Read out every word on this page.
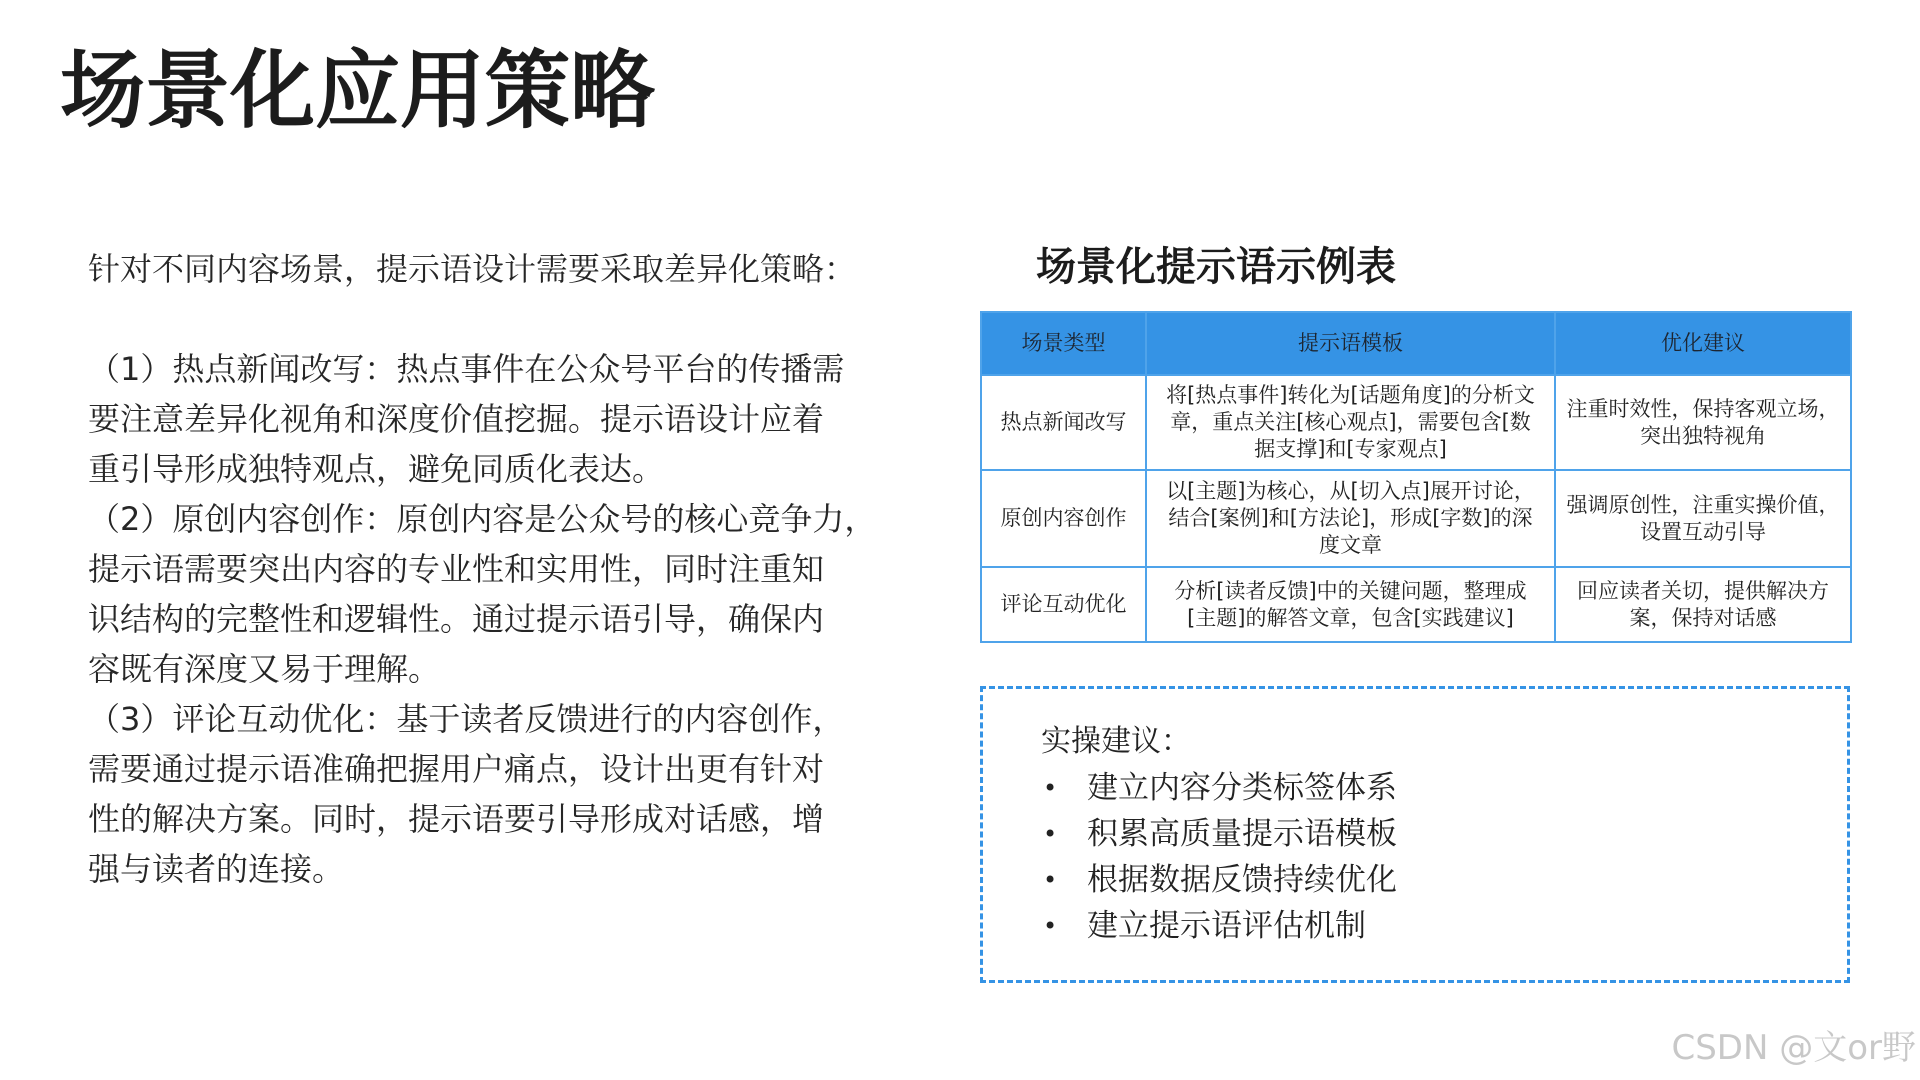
场景化应用策略
针对不同内容场景，提示语设计需要采取差异化策略：
（1）热点新闻改写：热点事件在公众号平台的传播需
要注意差异化视角和深度价值挖掘。提示语设计应着
重引导形成独特观点，避免同质化表达。
（2）原创内容创作：原创内容是公众号的核心竞争力，
提示语需要突出内容的专业性和实用性，同时注重知
识结构的完整性和逻辑性。通过提示语引导，确保内
容既有深度又易于理解。
（3）评论互动优化：基于读者反馈进行的内容创作，
需要通过提示语准确把握用户痛点，设计出更有针对
性的解决方案。同时，提示语要引导形成对话感，增
强与读者的连接。
场景化提示语示例表
场景类型	提示语模板	优化建议
热点新闻改写	将[热点事件]转化为[话题角度]的分析文章，重点关注[核心观点]，需要包含[数据支撑]和[专家观点]	注重时效性，保持客观立场，突出独特视角
原创内容创作	以[主题]为核心，从[切入点]展开讨论，结合[案例]和[方法论]，形成[字数]的深度文章	强调原创性，注重实操价值，设置互动引导
评论互动优化	分析[读者反馈]中的关键问题，整理成[主题]的解答文章，包含[实践建议]	回应读者关切，提供解决方案，保持对话感
实操建议：
•
建立内容分类标签体系
•
积累高质量提示语模板
•
根据数据反馈持续优化
•
建立提示语评估机制
CSDN @文or野
